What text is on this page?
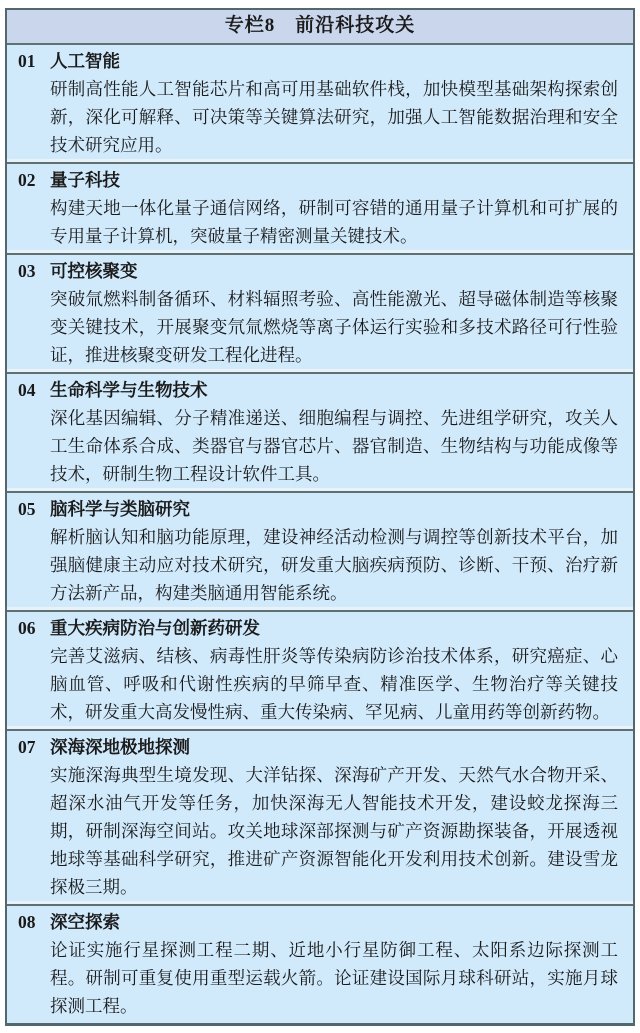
专栏8　前沿科技攻关
01 人工智能

研制高性能人工智能芯片和高可用基础软件栈，加快模型基础架构探索创新，深化可解释、可决策等关键算法研究，加强人工智能数据治理和安全技术研究应用。

02 量子科技

构建天地一体化量子通信网络，研制可容错的通用量子计算机和可扩展的专用量子计算机，突破量子精密测量关键技术。

03 可控核聚变

突破氚燃料制备循环、材料辐照考验、高性能激光、超导磁体制造等核聚变关键技术，开展聚变氘氚燃烧等离子体运行实验和多技术路径可行性验证，推进核聚变研发工程化进程。

04 生命科学与生物技术

深化基因编辑、分子精准递送、细胞编程与调控、先进组学研究，攻关人工生命体系合成、类器官与器官芯片、器官制造、生物结构与功能成像等技术，研制生物工程设计软件工具。

05 脑科学与类脑研究

解析脑认知和脑功能原理，建设神经活动检测与调控等创新技术平台，加强脑健康主动应对技术研究，研发重大脑疾病预防、诊断、干预、治疗新方法新产品，构建类脑通用智能系统。

06 重大疾病防治与创新药研发

完善艾滋病、结核、病毒性肝炎等传染病防诊治技术体系，研究癌症、心脑血管、呼吸和代谢性疾病的早筛早查、精准医学、生物治疗等关键技术，研发重大高发慢性病、重大传染病、罕见病、儿童用药等创新药物。

07 深海深地极地探测

实施深海典型生境发现、大洋钻探、深海矿产开发、天然气水合物开采、超深水油气开发等任务，加快深海无人智能技术开发，建设蛟龙探海三期，研制深海空间站。攻关地球深部探测与矿产资源勘探装备，开展透视地球等基础科学研究，推进矿产资源智能化开发利用技术创新。建设雪龙探极三期。

08 深空探索

论证实施行星探测工程二期、近地小行星防御工程、太阳系边际探测工程。研制可重复使用重型运载火箭。论证建设国际月球科研站，实施月球探测工程。
